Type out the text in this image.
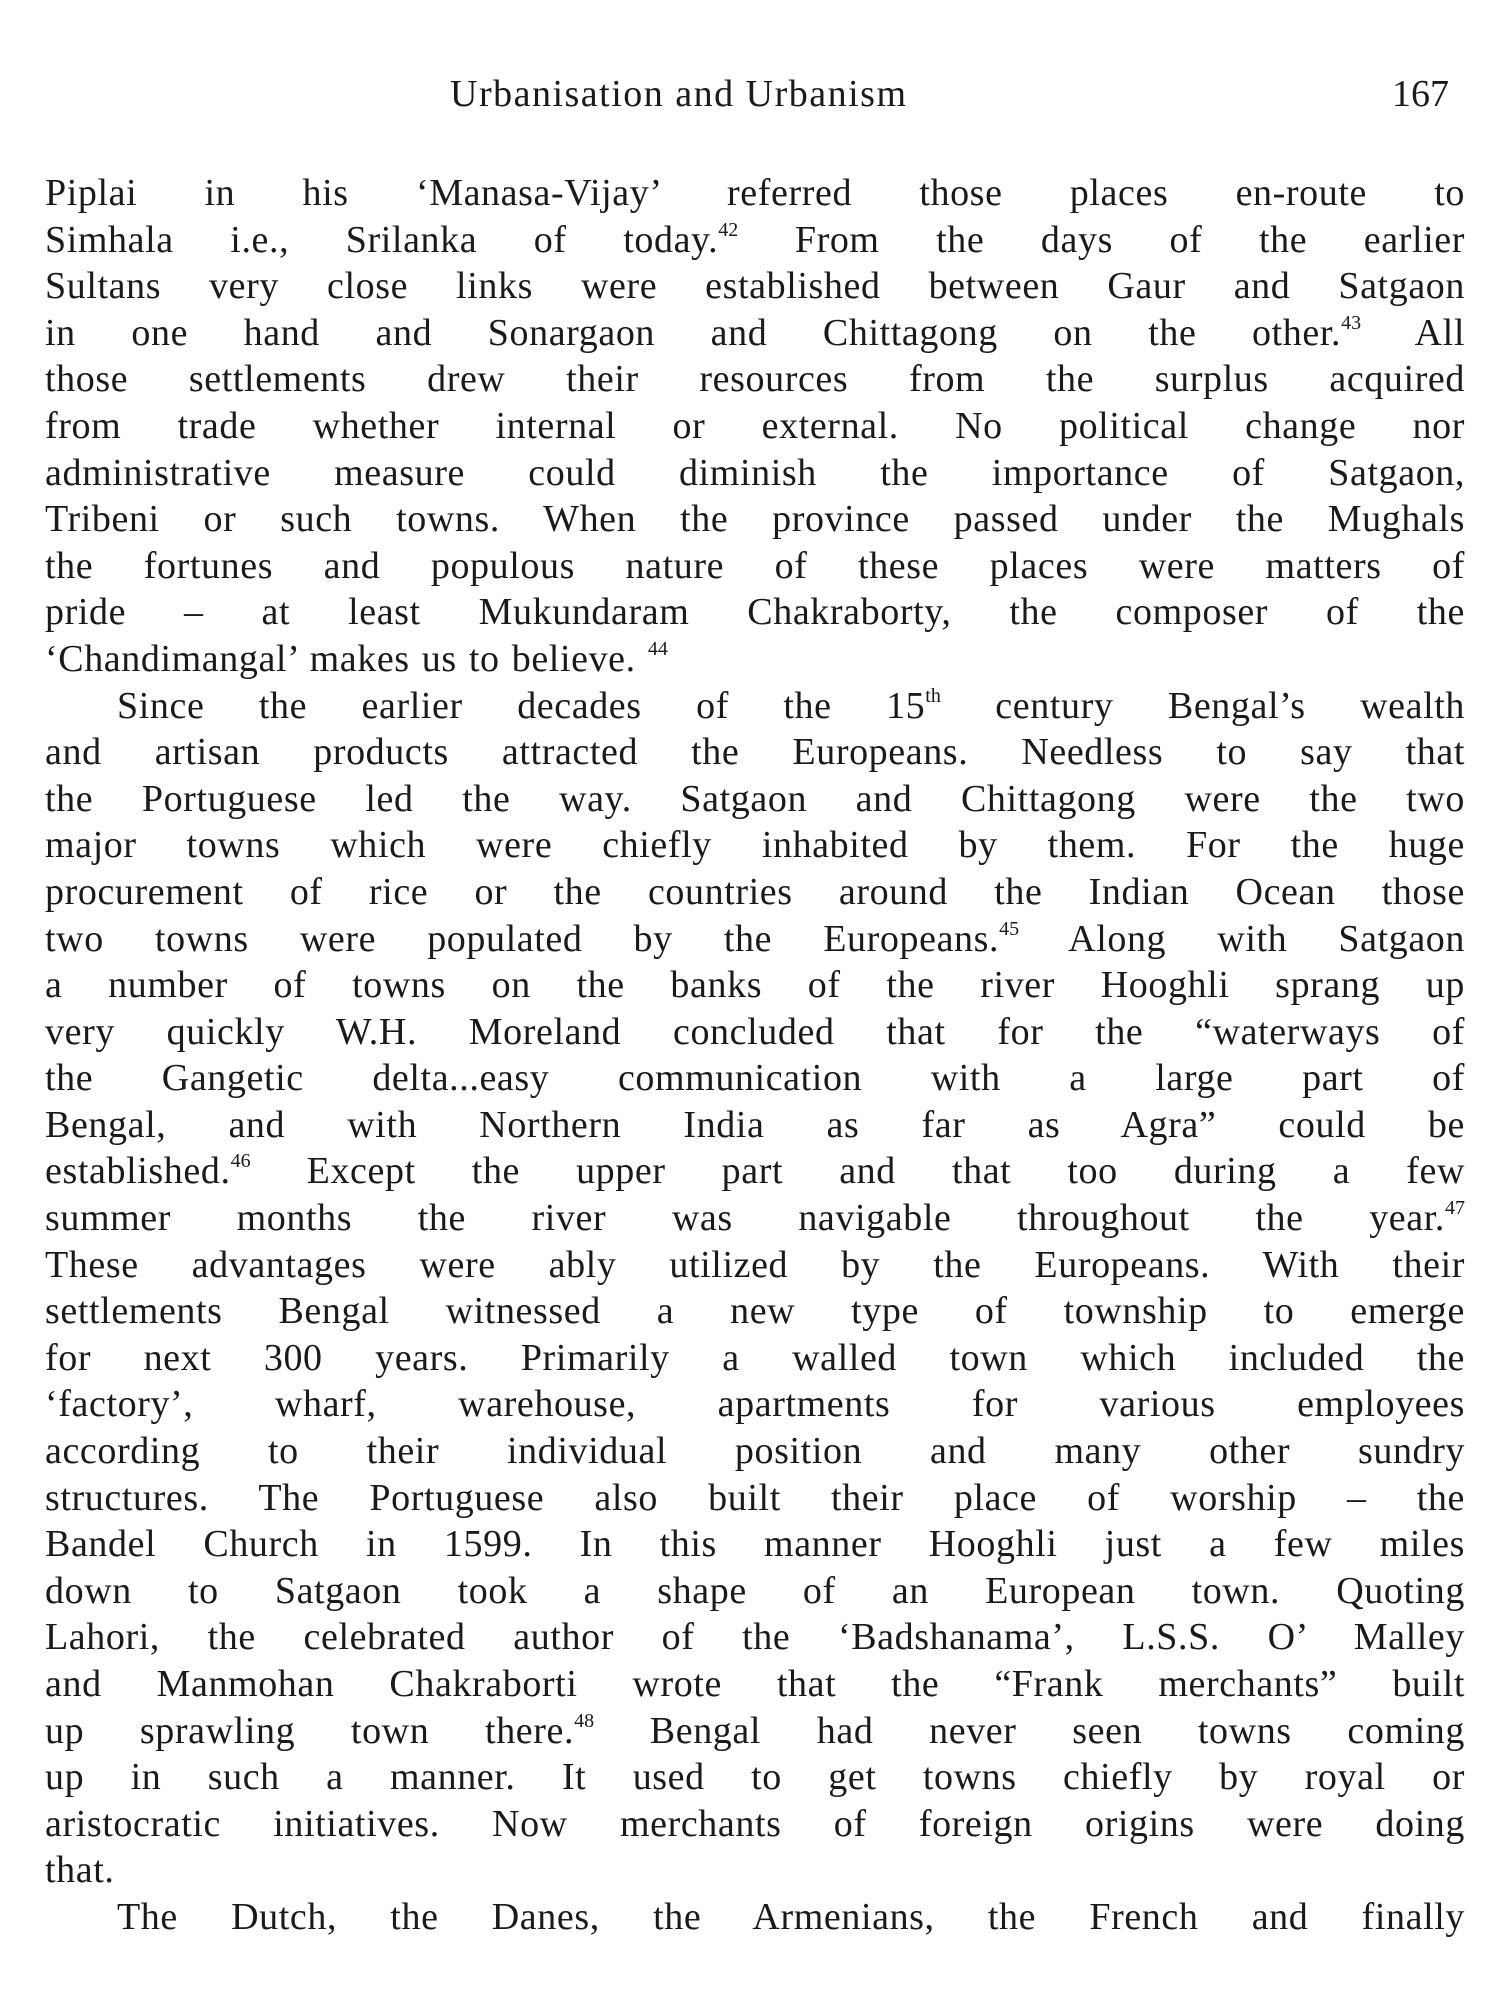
Urbanisation and Urbanism	167
Piplai in his ‘Manasa-Vijay’ referred those places en-route to
Simhala i.e., Srilanka of today.$^{42}$ From the days of the earlier
Sultans very close links were established between Gaur and Satgaon
in one hand and Sonargaon and Chittagong on the other.$^{43}$ All
those settlements drew their resources from the surplus acquired
from trade whether internal or external. No political change nor
administrative measure could diminish the importance of Satgaon,
Tribeni or such towns. When the province passed under the Mughals
the fortunes and populous nature of these places were matters of
pride – at least Mukundaram Chakraborty, the composer of the
‘Chandimangal’ makes us to believe. $^{44}$
Since the earlier decades of the 15th century Bengal’s wealth
and artisan products attracted the Europeans. Needless to say that
the Portuguese led the way. Satgaon and Chittagong were the two
major towns which were chiefly inhabited by them. For the huge
procurement of rice or the countries around the Indian Ocean those
two towns were populated by the Europeans.$^{45}$ Along with Satgaon
a number of towns on the banks of the river Hooghli sprang up
very quickly W.H. Moreland concluded that for the “waterways of
the Gangetic delta...easy communication with a large part of
Bengal, and with Northern India as far as Agra” could be
established.$^{46}$ Except the upper part and that too during a few
summer months the river was navigable throughout the year.$^{47}$
These advantages were ably utilized by the Europeans. With their
settlements Bengal witnessed a new type of township to emerge
for next 300 years. Primarily a walled town which included the
‘factory’, wharf, warehouse, apartments for various employees
according to their individual position and many other sundry
structures. The Portuguese also built their place of worship – the
Bandel Church in 1599. In this manner Hooghli just a few miles
down to Satgaon took a shape of an European town. Quoting
Lahori, the celebrated author of the ‘Badshanama’, L.S.S. O’ Malley
and Manmohan Chakraborti wrote that the “Frank merchants” built
up sprawling town there.$^{48}$ Bengal had never seen towns coming
up in such a manner. It used to get towns chiefly by royal or
aristocratic initiatives. Now merchants of foreign origins were doing
that.
The Dutch, the Danes, the Armenians, the French and finally
